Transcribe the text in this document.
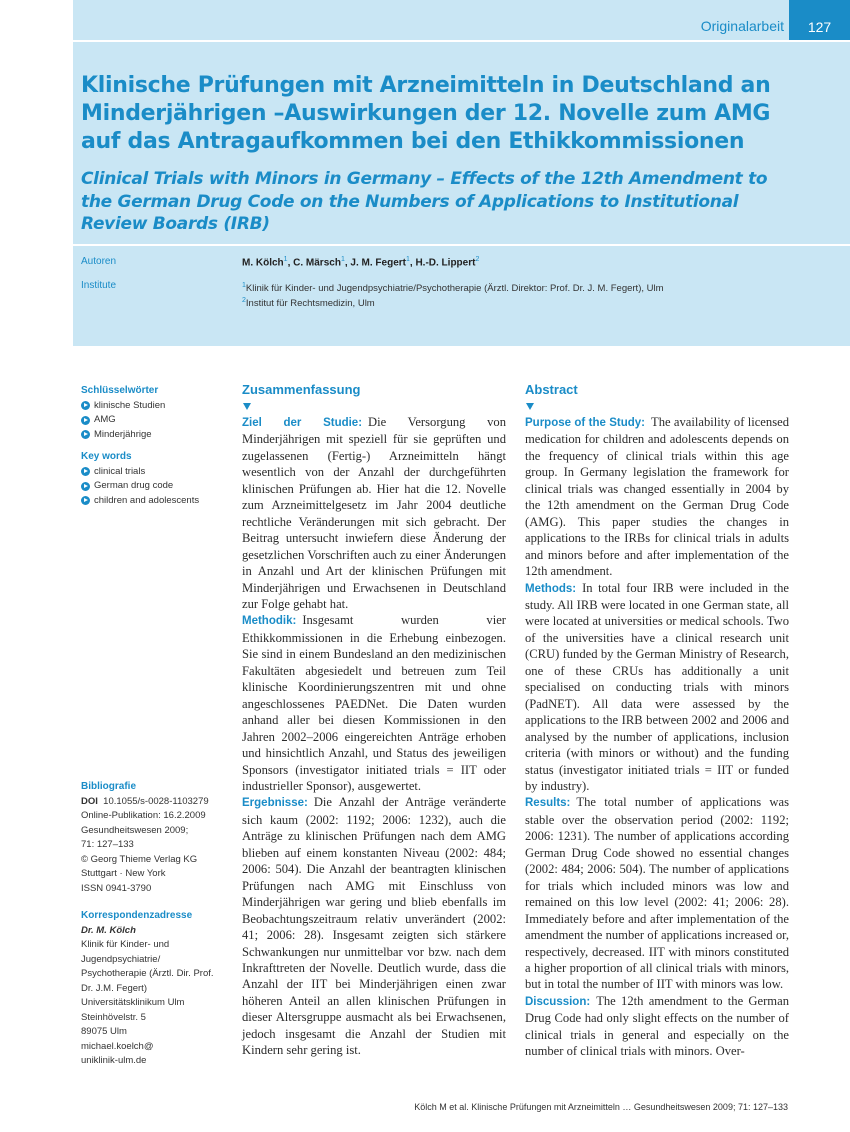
Originalarbeit	127
Klinische Prüfungen mit Arzneimitteln in Deutschland an Minderjährigen –Auswirkungen der 12. Novelle zum AMG auf das Antragaufkommen bei den Ethikkommissionen
Clinical Trials with Minors in Germany – Effects of the 12th Amendment to the German Drug Code on the Numbers of Applications to Institutional Review Boards (IRB)
Autoren
Institute
M. Kölch$^1$, C. Märsch$^1$, J. M. Fegert$^1$, H.-D. Lippert$^2$
$^1$Klinik für Kinder- und Jugendpsychiatrie/Psychotherapie (Ärztl. Direktor: Prof. Dr. J. M. Fegert), Ulm
$^2$Institut für Rechtsmedizin, Ulm
Schlüsselwörter
klinische Studien
AMG
Minderjährige
Key words
clinical trials
German drug code
children and adolescents
Bibliografie
DOI 10.1055/s-0028-1103279
Online-Publikation: 16.2.2009
Gesundheitswesen 2009;
71: 127–133
© Georg Thieme Verlag KG
Stuttgart · New York
ISSN 0941-3790
Korrespondenzadresse
Dr. M. Kölch
Klinik für Kinder- und
Jugendpsychiatrie/
Psychotherapie (Ärztl. Dir. Prof.
Dr. J.M. Fegert)
Universitätsklinikum Ulm
Steinhövelstr. 5
89075 Ulm
michael.koelch@
uniklinik-ulm.de
Zusammenfassung

Ziel der Studie: Die Versorgung von Minderjährigen mit speziell für sie geprüften und zugelassenen (Fertig-) Arzneimitteln hängt wesentlich von der Anzahl der durchgeführten klinischen Prüfungen ab. Hier hat die 12. Novelle zum Arzneimittelgesetz im Jahr 2004 deutliche rechtliche Veränderungen mit sich gebracht. Der Beitrag untersucht inwiefern diese Änderung der gesetzlichen Vorschriften auch zu einer Änderungen in Anzahl und Art der klinischen Prüfungen mit Minderjährigen und Erwachsenen in Deutschland zur Folge gehabt hat.

Methodik: Insgesamt wurden vier Ethikkommissionen in die Erhebung einbezogen. Sie sind in einem Bundesland an den medizinischen Fakultäten abgesiedelt und betreuen zum Teil klinische Koordinierungszentren mit und ohne angeschlossenes PAEDNet. Die Daten wurden anhand aller bei diesen Kommissionen in den Jahren 2002–2006 eingereichten Anträge erhoben und hinsichtlich Anzahl, und Status des jeweiligen Sponsors (investigator initiated trials = IIT oder industrieller Sponsor), ausgewertet.

Ergebnisse: Die Anzahl der Anträge veränderte sich kaum (2002: 1192; 2006: 1232), auch die Anträge zu klinischen Prüfungen nach dem AMG blieben auf einem konstanten Niveau (2002: 484; 2006: 504). Die Anzahl der beantragten klinischen Prüfungen nach AMG mit Einschluss von Minderjährigen war gering und blieb ebenfalls im Beobachtungszeitraum relativ unverändert (2002: 41; 2006: 28). Insgesamt zeigten sich stärkere Schwankungen nur unmittelbar vor bzw. nach dem Inkrafttreten der Novelle. Deutlich wurde, dass die Anzahl der IIT bei Minderjährigen einen zwar höheren Anteil an allen klinischen Prüfungen in dieser Altersgruppe ausmacht als bei Erwachsenen, jedoch insgesamt die Anzahl der Studien mit Kindern sehr gering ist.

Abstract

Purpose of the Study: The availability of licensed medication for children and adolescents depends on the frequency of clinical trials within this age group. In Germany legislation the framework for clinical trials was changed essentially in 2004 by the 12th amendment on the German Drug Code (AMG). This paper studies the changes in applications to the IRBs for clinical trials in adults and minors before and after implementation of the 12th amendment.

Methods: In total four IRB were included in the study. All IRB were located in one German state, all were located at universities or medical schools. Two of the universities have a clinical research unit (CRU) funded by the German Ministry of Research, one of these CRUs has additionally a unit specialised on conducting trials with minors (PadNET). All data were assessed by the applications to the IRB between 2002 and 2006 and analysed by the number of applications, inclusion criteria (with minors or without) and the funding status (investigator initiated trials = IIT or funded by industry).

Results: The total number of applications was stable over the observation period (2002: 1192; 2006: 1231). The number of applications according German Drug Code showed no essential changes (2002: 484; 2006: 504). The number of applications for trials which included minors was low and remained on this low level (2002: 41; 2006: 28). Immediately before and after implementation of the amendment the number of applications increased or, respectively, decreased. IIT with minors constituted a higher proportion of all clinical trials with minors, but in total the number of IIT with minors was low.

Discussion: The 12th amendment to the German Drug Code had only slight effects on the number of clinical trials in general and especially on the number of clinical trials with minors. Over-

Kölch M et al. Klinische Prüfungen mit Arzneimitteln … Gesundheitswesen 2009; 71: 127–133
